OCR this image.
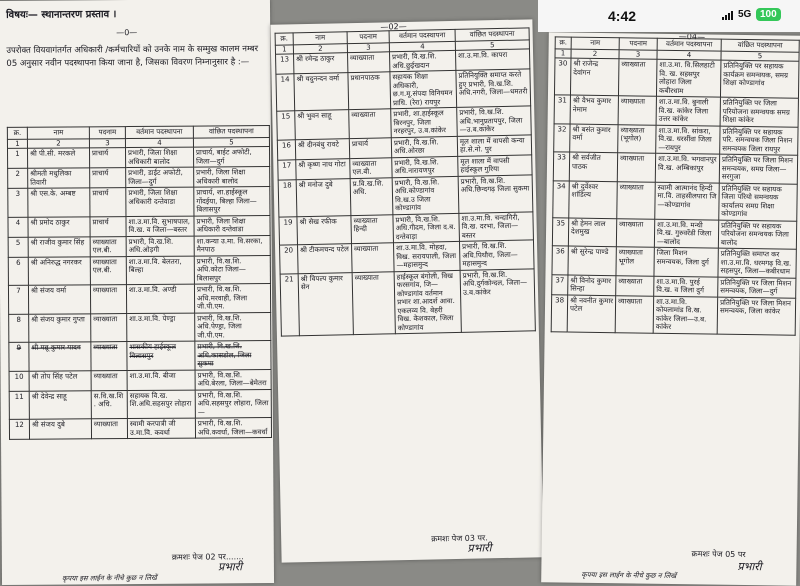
4:42	5G 100
विषयः— स्थानान्तरण प्रस्ताव ।
—0—
उपरोक्त वियवागंतर्गत अधिकारी /कर्मचारियों को उनके नाम के सम्मुख कालम नम्बर 05 अनुसार नवीन पदस्थापना किया जाना है, जिसका विवरण निम्नानुसार है :—
क्र.	नाम	पदनाम	वर्तमान पदस्थापना	वांछित पदस्थापना
1	2	3	4	5
1	श्री पी.सी. मरकले	प्राचार्य	प्रभारी, जिला शिक्षा अधिकारी बालोद	प्राचार्य, बाईट अफोटी, जिला—दुर्ग
2	श्रीमती मधुलिका तिवारी	प्राचार्य	प्रभारी, डाईट अफोटी, जिला—दुर्ग	प्रभारी, जिला शिक्षा अधिकारी बालोद
3	श्री एस.के. अम्बष्ट	प्राचार्य	प्रभारी, जिला शिक्षा अधिकारी दन्तेवाडा	प्राचार्य, शा.हाईस्कूल गोंदईया, बिल्हा जिला—बिलासपुर
4	श्री प्रमोद ठाकुर	प्राचार्य	शा.उ.मा.वि. सुभाषपाल, वि.ख. व जिला—बस्तर	प्रभारी, जिला शिक्षा अधिकारी दन्तेवाडा
5	श्री राजीव कुमार सिंह	व्याख्याता एल.बी.	प्रभारी, वि.ख.शि. अधि.ओड़गी	शा.कन्या उ.मा. वि.सरका, मैनपाठ
6	श्री अनिरुद्ध नगरकर	व्याख्याता एल.बी.	शा.उ.मा.वि. बेलतरा, बिल्हा	प्रभारी, वि.ख.शि. अधि.कोटा जिला—बिलासपुर
7	श्री संजय वर्मा	व्याख्याता	शा.उ.मा.वि. अण्डी	प्रभारी, वि.ख.शि. अधि.मरवाही, जिला जी.पी.एम.
8	श्री संजय कुमार गुप्ता	व्याख्याता	शा.उ.मा.वि. पेण्ड्रा	प्रभारी, वि.ख.शि. अधि.पेण्ड्रा, जिला जी.पी.एम.
9	श्री मन्नू कुमार यादव	व्याख्याता	शासकीय हाईस्कूल बिलासपुर	प्रभारी, वि.ख.शि. अधि.कासडोल, जिला सुकमा
10	श्री तोप सिंह पटेल	व्याख्याता	शा.उ.मा.वि. बीजा	प्रभारी, वि.ख.शि. अधि.बेरला, जिला—बेमेतरा
11	श्री देवेन्द्र साहू	स.वि.ख.शि. अधि.	सहायक वि.ख. शि.अधि.सहसपुर लोहारा	प्रभारी, वि.ख.शि. अधि.सहसपुर लोहारा, जिला—
12	श्री संजय दुबे	व्याख्याता	स्वामी करपात्री जी उ.मा.वि. कवर्धा	प्रभारी, वि.ख.शि. अधि.कवर्धा, जिला—कवर्धा
क्रमशः पेज 02 पर.......
प्रभारी
कृपया इस लाईन के नीचे कुछ न लिखें
—02—
क्र.	नाम	पदनाम	वर्तमान पदस्थापना	वांछित पदस्थापना
1	2	3	4	5
13	श्री रमेन्द्र ठाकुर	व्याख्याता	प्रभारी, वि.ख.शि. अधि.छुईखदान	शा.उ.मा.वि. कापरा
14	श्री यदुनन्दन वर्मा	प्रधानपाठक	सहायक शिक्षा अधिकारी, छ.ग.मू.संपदा विनियमन प्राधि. (रेरा) रायपुर	प्रतिनियुक्ति समाप्त करते हुए प्रभारी, वि.ख.शि. अधि.नगरी, जिला—धमतरी
15	श्री भुवन साहू	व्याख्याता	प्रभारी, शा.हाईस्कूल बिरनपुर, जिला नरहरपुर, उ.ब.कांकेर	प्रभारी, वि.ख.शि. अधि.भानुप्रतापपुर, जिला—उ.ब.कांकेर
16	श्री दीनबंधु रावटे	प्राचार्य	प्रभारी, वि.ख.शि. अधि.ओरछा	मूल शाला में वापसी कन्या हा.से.नो. पुर
17	श्री कृष्ण नाथ गोटा	व्याख्याता एल.बी.	प्रभारी, वि.ख.शि. अधि.नारायणपुर	मूल शाला में वापसी हाईस्कूल गुरिया
18	श्री मनोज दुबे	प्र.वि.ख.शि. अधि.	प्रभारी, वि.ख.शि. अधि.कोण्डागांव वि.ख.उ जिला कोण्डागांव	प्रभारी, वि.ख.शि. अधि.छिन्दगढ़ जिला सुकमा
19	श्री सेख रफीक	व्याख्याता हिन्दी	प्रभारी, वि.ख.शि. अधि.गीदम, जिला द.ब. दन्तेवाड़ा	शा.उ.मा.वि. चन्दागिरी, वि.ख. दरभा, जिला—बस्तर
20	श्री टीकमचन्द पटेल	व्याख्याता	शा.उ.मा.वि. मोहदा, विख. सरायपाली, जिला—महासमुन्द	प्रभारी, वि.ख.शि. अधि.पिथौरा, जिला—महासमुन्द
21	श्री विपल्प कुमार सेन	व्याख्याता	हाईस्कूल बंगोली, विख फरसगांव, जि—कोण्डागांव वर्तमान प्रभार शा.आदर्श आवा. एकलव्य वि. बेहरी विख. केशकाल, जिला कोण्डागांव	प्रभारी, वि.ख.शि. अधि.दुर्गकोन्दल, जिला—उ.ब.कांकेर
क्रमशः पेज 03 पर.
प्रभारी
—04—
क्र.	नाम	पदनाम	वर्तमान पदस्थापना	वांछित पदस्थापना
1	2	3	4	5
30	श्री राजेन्द्र देवांगन	व्याख्याता	शा.उ.मा. वि.सिलहाटी वि. ख. सहसपुर लोहारा जिला कबीरधाम	प्रतिनियुक्ति पर सहायक कार्यक्रम समन्वयक, समग्र शिक्षा कोण्डागांव
31	श्री वैभव कुमार नेमाम	व्याख्याता	शा.उ.मा.वि. बुनाली वि.ख. कांकेर जिला उत्तर कांकेर	प्रतिनियुक्ति पर जिला परियोजना समन्वयक समग्र शिक्षा कांकेर
32	श्री बसंत कुमार वर्मा	व्याख्याता (भूगोल)	शा.उ.मा.वि. सांकरा, वि.ख. धरसींवा जिला—रायपुर	प्रतिनियुक्ति पर सहायक परि. समन्वयक जिला निशन समन्वयक जिला रायपुर
33	श्री सर्वजीत पाठक	व्याख्याता	शा.उ.मा.वि. भगवानपुर वि.ख. अम्बिकापुर	प्रतिनियुक्ति पर जिला मिशन समन्वयक, समग्र जिला—सरगुजा
34	श्री दुर्वेश्वर शांडिल्य	व्याख्याता	स्वामी आत्मानंद हिन्दी मा.वि. ताहसीलपारा जि—कोण्डागांव	प्रतिनियुक्ति पर सहायक जिला परियो समन्वयक कार्यालय समग्र शिक्षा कोण्डागांव
35	श्री हेमन लाल देशमुख	व्याख्याता	शा.उ.मा.वि. मन्थी वि.ख. गुरुवरेंडी जिला—बालोद	प्रतिनियुक्ति पर सहायक परियोजना समन्वयक जिला बालोद
36	श्री सुरेन्द्र पाण्डे	व्याख्याता भूगोल	जिला मिशन समन्वयक, जिला दुर्ग	प्रतिनियुक्ति समाप्त कर शा.उ.मा.वि. धरमगढ़ वि.ख. सहसपुर, जिला—कबीरधाम
37	श्री विनोद कुमार सिन्हा	व्याख्याता	शा.उ.मा.वि. पुरई वि.ख. व जिला दुर्ग	प्रतिनियुक्ति पर जिला मिशन समन्वयक, जिला—दुर्ग
38	श्री नवनीत कुमार पटेल	व्याख्याता	शा.उ.मा.वि. कोयलामांड वि.ख. कांकेर जिला—उ.ब. कांकेर	प्रतिनियुक्ति पर जिला मिशन समन्वयक, जिला कांकेर
क्रमशः पेज 05 पर
प्रभारी
कृपया इस लाईन के नीचे कुछ न लिखें
